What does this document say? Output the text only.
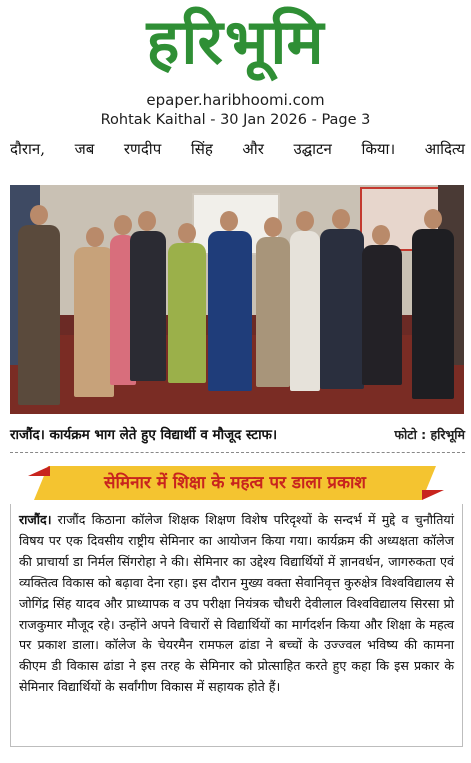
हरिभूमि
epaper.haribhoomi.com
Rohtak Kaithal - 30 Jan 2026 - Page 3
दौरान, जब रणदीप सिंह और उद्घाटन किया। आदित्य
राजौंद। कार्यक्रम भाग लेते हुए विद्यार्थी व मौजूद स्टाफ।	फोटो : हरिभूमि
सेमिनार में शिक्षा के महत्व पर डाला प्रकाश
राजौंद। राजौंद किठाना कॉलेज शिक्षक शिक्षण विशेष परिदृश्यों के सन्दर्भ में मुद्दे व चुनौतियां विषय पर एक दिवसीय राष्ट्रीय सेमिनार का आयोजन किया गया। कार्यक्रम की अध्यक्षता कॉलेज की प्राचार्या डा निर्मल सिंगरोहा ने की। सेमिनार का उद्देश्य विद्यार्थियों में ज्ञानवर्धन, जागरुकता एवं व्यक्तित्व विकास को बढ़ावा देना रहा। इस दौरान मुख्य वक्ता सेवानिवृत्त कुरुक्षेत्र विश्वविद्यालय से जोगिंद्र सिंह यादव और प्राध्यापक व उप परीक्षा नियंत्रक चौधरी देवीलाल विश्वविद्यालय सिरसा प्रो राजकुमार मौजूद रहे। उन्होंने अपने विचारों से विद्यार्थियों का मार्गदर्शन किया और शिक्षा के महत्व पर प्रकाश डाला। कॉलेज के चेयरमैन रामफल ढांडा ने बच्चों के उज्ज्वल भविष्य की कामना कीएम डी विकास ढांडा ने इस तरह के सेमिनार को प्रोत्साहित करते हुए कहा कि इस प्रकार के सेमिनार विद्यार्थियों के सर्वांगीण विकास में सहायक होते हैं।
